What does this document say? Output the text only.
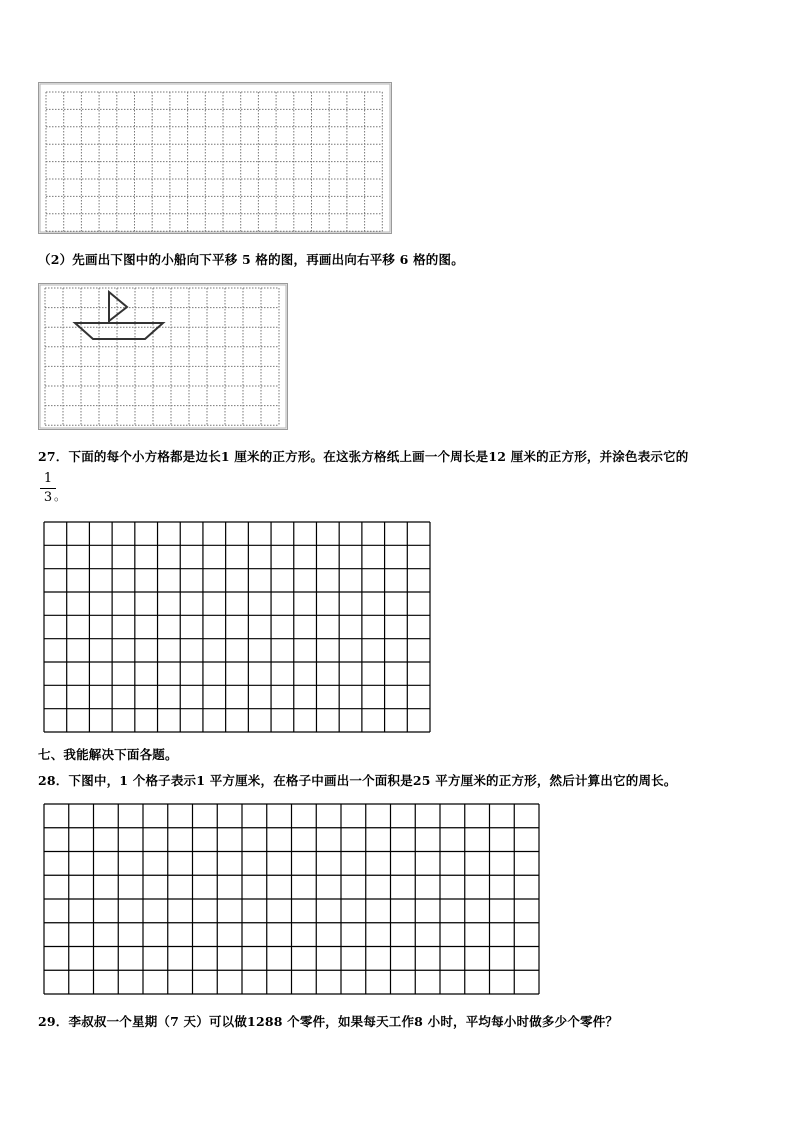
（2）先画出下图中的小船向下平移 5 格的图，再画出向右平移 6 格的图。
27．下面的每个小方格都是边长1 厘米的正方形。在这张方格纸上画一个周长是12 厘米的正方形，并涂色表示它的
1
3 。
七、我能解决下面各题。
28．下图中，1 个格子表示1 平方厘米，在格子中画出一个面积是25 平方厘米的正方形，然后计算出它的周长。
29．李叔叔一个星期（7 天）可以做1288 个零件，如果每天工作8 小时，平均每小时做多少个零件？
